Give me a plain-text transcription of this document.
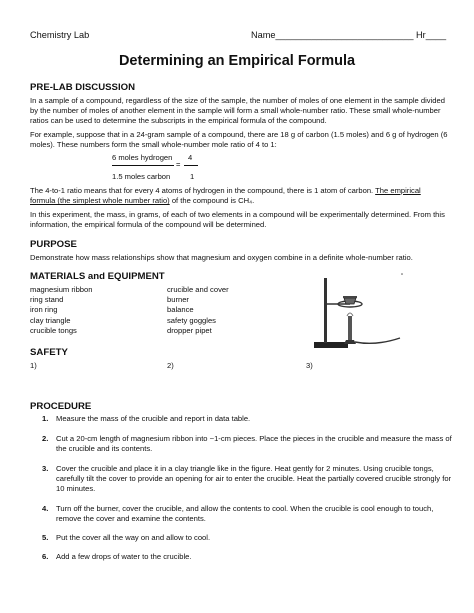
Chemistry Lab	Name___________________________ Hr____
Determining an Empirical Formula
PRE-LAB DISCUSSION
In a sample of a compound, regardless of the size of the sample, the number of moles of one element in the sample divided by the number of moles of another element in the sample will form a small whole-number ratio. These small whole-number ratios can be used to determine the subscripts in the empirical formula of the compound.
For example, suppose that in a 24-gram sample of a compound, there are 18 g of carbon (1.5 moles) and 6 g of hydrogen (6 moles). These numbers form the small whole-number mole ratio of 4 to 1:
6 moles hydrogen 4
=
1.5 moles carbon	1
The 4-to-1 ratio means that for every 4 atoms of hydrogen in the compound, there is 1 atom of carbon. The empirical formula (the simplest whole number ratio) of the compound is CH₄.
In this experiment, the mass, in grams, of each of two elements in a compound will be experimentally determined. From this information, the empirical formula of the compound will be determined.
PURPOSE
Demonstrate how mass relationships show that magnesium and oxygen combine in a definite whole-number ratio.
MATERIALS and EQUIPMENT
magnesium ribbon
ring stand
iron ring
clay triangle
crucible tongs
crucible and cover
burner
balance
safety goggles
dropper pipet
SAFETY
1)	2)	3)
PROCEDURE
1.	Measure the mass of the crucible and report in data table.
2.	Cut a 20-cm length of magnesium ribbon into ~1-cm pieces. Place the pieces in the crucible and measure the mass of the crucible and its contents.
3.	Cover the crucible and place it in a clay triangle like in the figure. Heat gently for 2 minutes. Using crucible tongs, carefully tilt the cover to provide an opening for air to enter the crucible. Heat the partially covered crucible strongly for 10 minutes.
4.	Turn off the burner, cover the crucible, and allow the contents to cool. When the crucible is cool enough to touch, remove the cover and examine the contents.
5.	Put the cover all the way on and allow to cool.
6.	Add a few drops of water to the crucible.
